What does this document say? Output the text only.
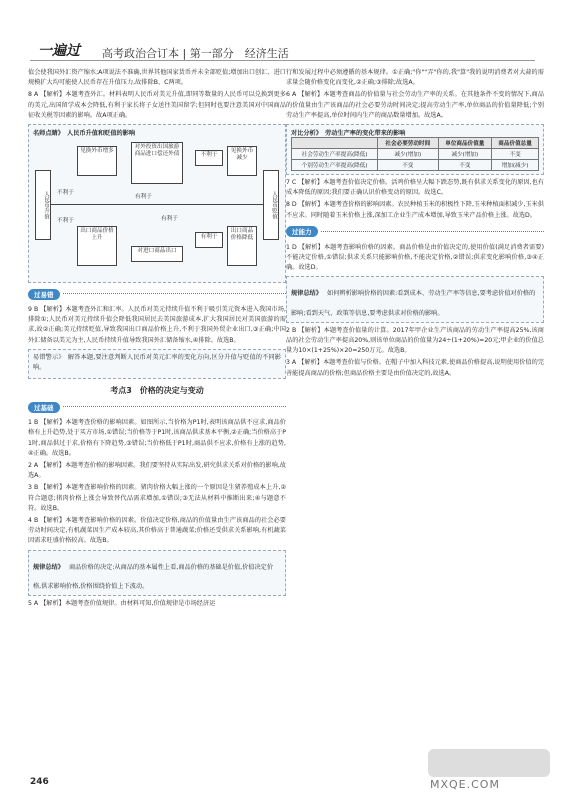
一遍过 高考政治合订本 | 第一部分　经济生活

值会使我国外汇资产缩水;A项说法不准确,世界其他国家货币并未全部贬值;增加出口创汇、进口规模扩大均可能使人民币存在升值压力,故排除B、C两项。

8 A 【解析】本题考查外汇。材料表明人民币对美元升值,即同等数量的人民币可以兑换到更多的美元,出国留学成本会降低,有利于家长将子女送往美国留学;但同时也要注意美国对中国商品征收关税等因素的影响。故A项正确。

名师点睛》　人民币升值和贬值的影响
人民币升值	人民币贬值
见换外币增多
对外投资出国旅游商品进口偿还外债	不利于
见换外币减少
出口商品价格上升
对进口商品出口
有利于
出口商品价格降低
有利于
不利于
有利于
不利于
过易错

9 B 【解析】本题考查外汇和汇率。人民币对美元持续升值不利于吸引美元资本进入我国市场,排除①;人民币对美元持续升值会降低我国居民去美国旅游成本,扩大我国居民对美国旅游的需求,故②正确;美元持续贬值,导致我国出口商品价格上升,不利于我国外贸企业出口,③正确;中国外汇储备以美元为主,人民币持续升值导致我国外汇储备缩水,④排除。故选B。

易错警示》　解答本题,要注意判断人民币对美元汇率的变化方向,区分升值与贬值的不同影响。

考点3　价格的决定与变动
过基础

1 B 【解析】本题考查价格的影响因素。如图所示,当价格为P1时,表明该商品供不应求,商品价格有上升趋势,处于买方市场,①错误;当价格等于P1时,该商品供求基本平衡,②正确;当价格高于P1时,商品供过于求,价格有下降趋势,③错误;当价格低于P1时,商品供不应求,价格有上涨的趋势,④正确。故选B。

2 A 【解析】本题考查价格的影响因素。我们要坚持从实际出发,研究供求关系对价格的影响,故选A。

3 B 【解析】本题考查影响价格的因素。猪肉价格大幅上涨的一个原因是生猪养殖成本上升,②符合题意;猪肉价格上涨会导致替代品需求增加,①错误;③无法从材料中推断出来;④与题意不符。故选B。

4 B 【解析】本题考查影响价格的因素。价值决定价格,商品的价值量由生产该商品的社会必要劳动时间决定,有机蔬菜因生产成本较高,其价格高于普通蔬菜;价格还受供求关系影响,有机蔬菜因需求旺盛价格较高。故选B。

规律总结》 商品价格的决定:从商品的基本属性上看,商品价格的基础是价值,价值决定价格,供求影响价格,价格围绕价值上下波动。

5 A 【解析】本题考查价值规律。由材料可知,价值规律是市场经济运

行和发展过程中必须遵循的基本规律。①正确;"你""弄"你的,我"算"我的说明消费者对大蒜的需求量会随价格变化而变化,②正确;③排除;故选A。

6 A 【解析】本题考查商品的价值量与社会劳动生产率的关系。在其他条件不变的情况下,商品的价值量由生产该商品的社会必要劳动时间决定;提高劳动生产率,单位商品的价值量降低;个别劳动生产率提高,单位时间内生产的商品数量增加。故选A。

对比分析》　劳动生产率的变化带来的影响
	社会必要劳动时间	单位商品价值量	商品价值总量
社会劳动生产率提高(降低)	减少(增加)	减少(增加)	不变
个别劳动生产率提高(降低)	不变	不变	增加(减少)

7 C 【解析】本题考查价值决定价格。活鸡价格呈大幅下跌态势,既有供求关系变化的原因,也有成本降低的原因;我们要正确认识价格变动的原因。故选C。

8 D 【解析】本题考查价格的影响因素。农民种植玉米的积极性下降,玉米种植面积减少,玉米供不应求。同时随着玉米价格上涨,深加工企业生产成本增加,导致玉米产品价格上涨。故选D。

过能力

1 D 【解析】本题考查影响价格的因素。商品价格是由价值决定的,使用价值(满足消费者需要)不能决定价格,①错误;供求关系只能影响价格,不能决定价格,②错误;供求变化影响价格,③④正确。故选D。

规律总结》 如何辨析影响价格的因素:看到成本、劳动生产率等信息,要考虑价值对价格的影响;看到天气、政策等信息,要考虑供求对价格的影响。

2 B 【解析】本题考查价值量的计算。2017年甲企业生产该商品的劳动生产率提高25%,该商品的社会劳动生产率提高20%,则该单位商品的价值量为24÷(1+20%)=20元;甲企业的价值总量为10×(1+25%)×20=250万元。故选B。

3 A 【解析】本题考查价值与价格。在帽子中加入科技元素,使商品价格提高,说明使用价值的完善能提高商品的价格;但商品价格主要是由价值决定的,故选A。

246	MXQE.COM
